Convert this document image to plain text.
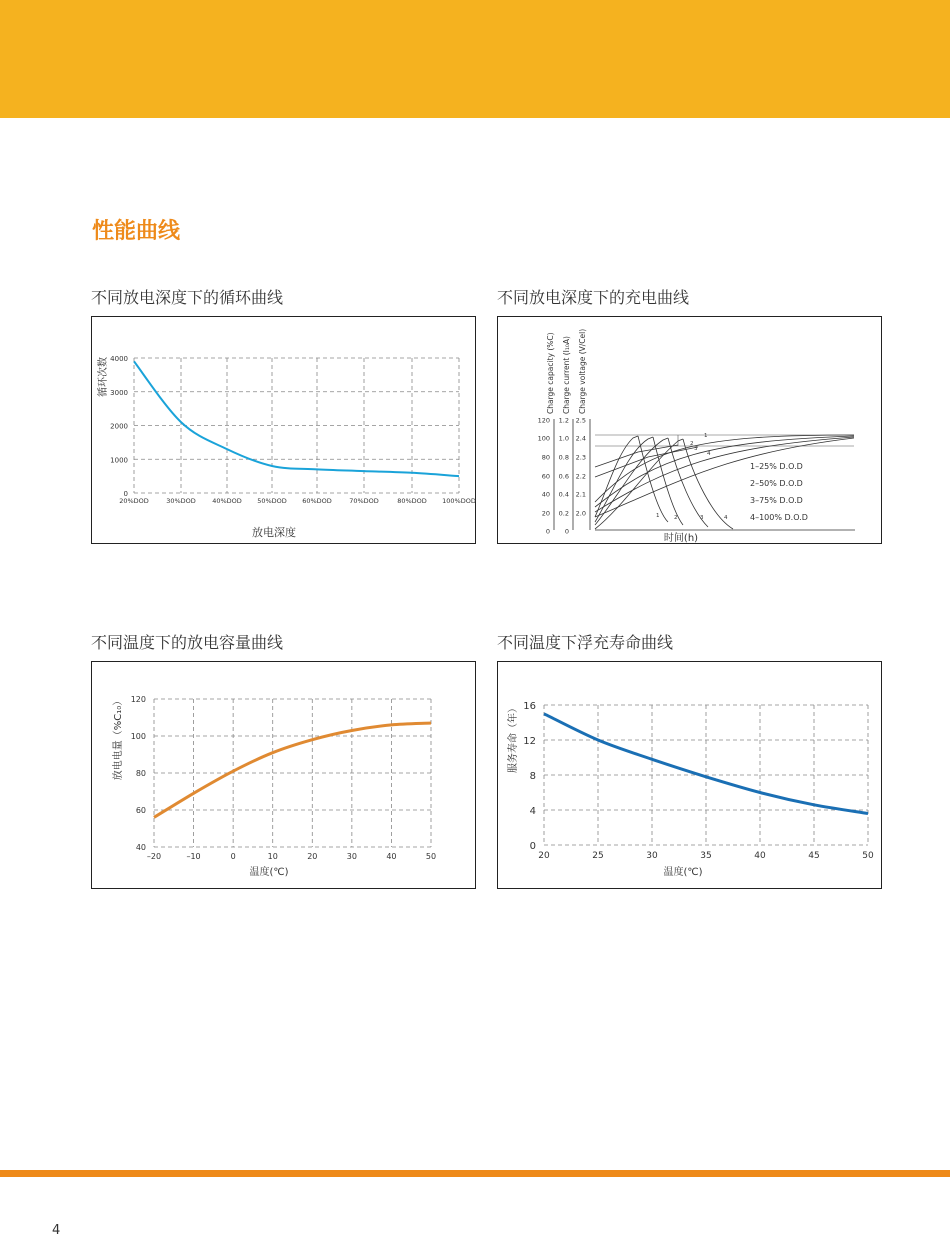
性能曲线
不同放电深度下的循环曲线	不同放电深度下的充电曲线
不同温度下的放电容量曲线	不同温度下浮充寿命曲线
0
1000
2000
3000
4000
20%DOD	30%DOD	40%DOD 50%DOD 60%DOD	70%DOD	80%DOD 100%DOD
放电深度
循环次数
120
100
80
60
40
20
0
1.2
1.0
0.8
0.6
0.4
0.2
0
2.5
2.4
2.3
2.2
2.1
2.0
Charge capacity (%C) Charge current (I₁₀A) Charge voltage (V/Cel)
1
2
3
4
1	2	3	4
1–25% D.O.D
2–50% D.O.D
3–75% D.O.D
4–100% D.O.D
时间(h)
–20	–10	0	10	20	30	40	50
40
60
80
100
120
温度(℃)
放电电量（%C₁₀）
20	25	30	35	40	45	50
0
4
8
12
16
温度(℃)
服务寿命（年）
4
